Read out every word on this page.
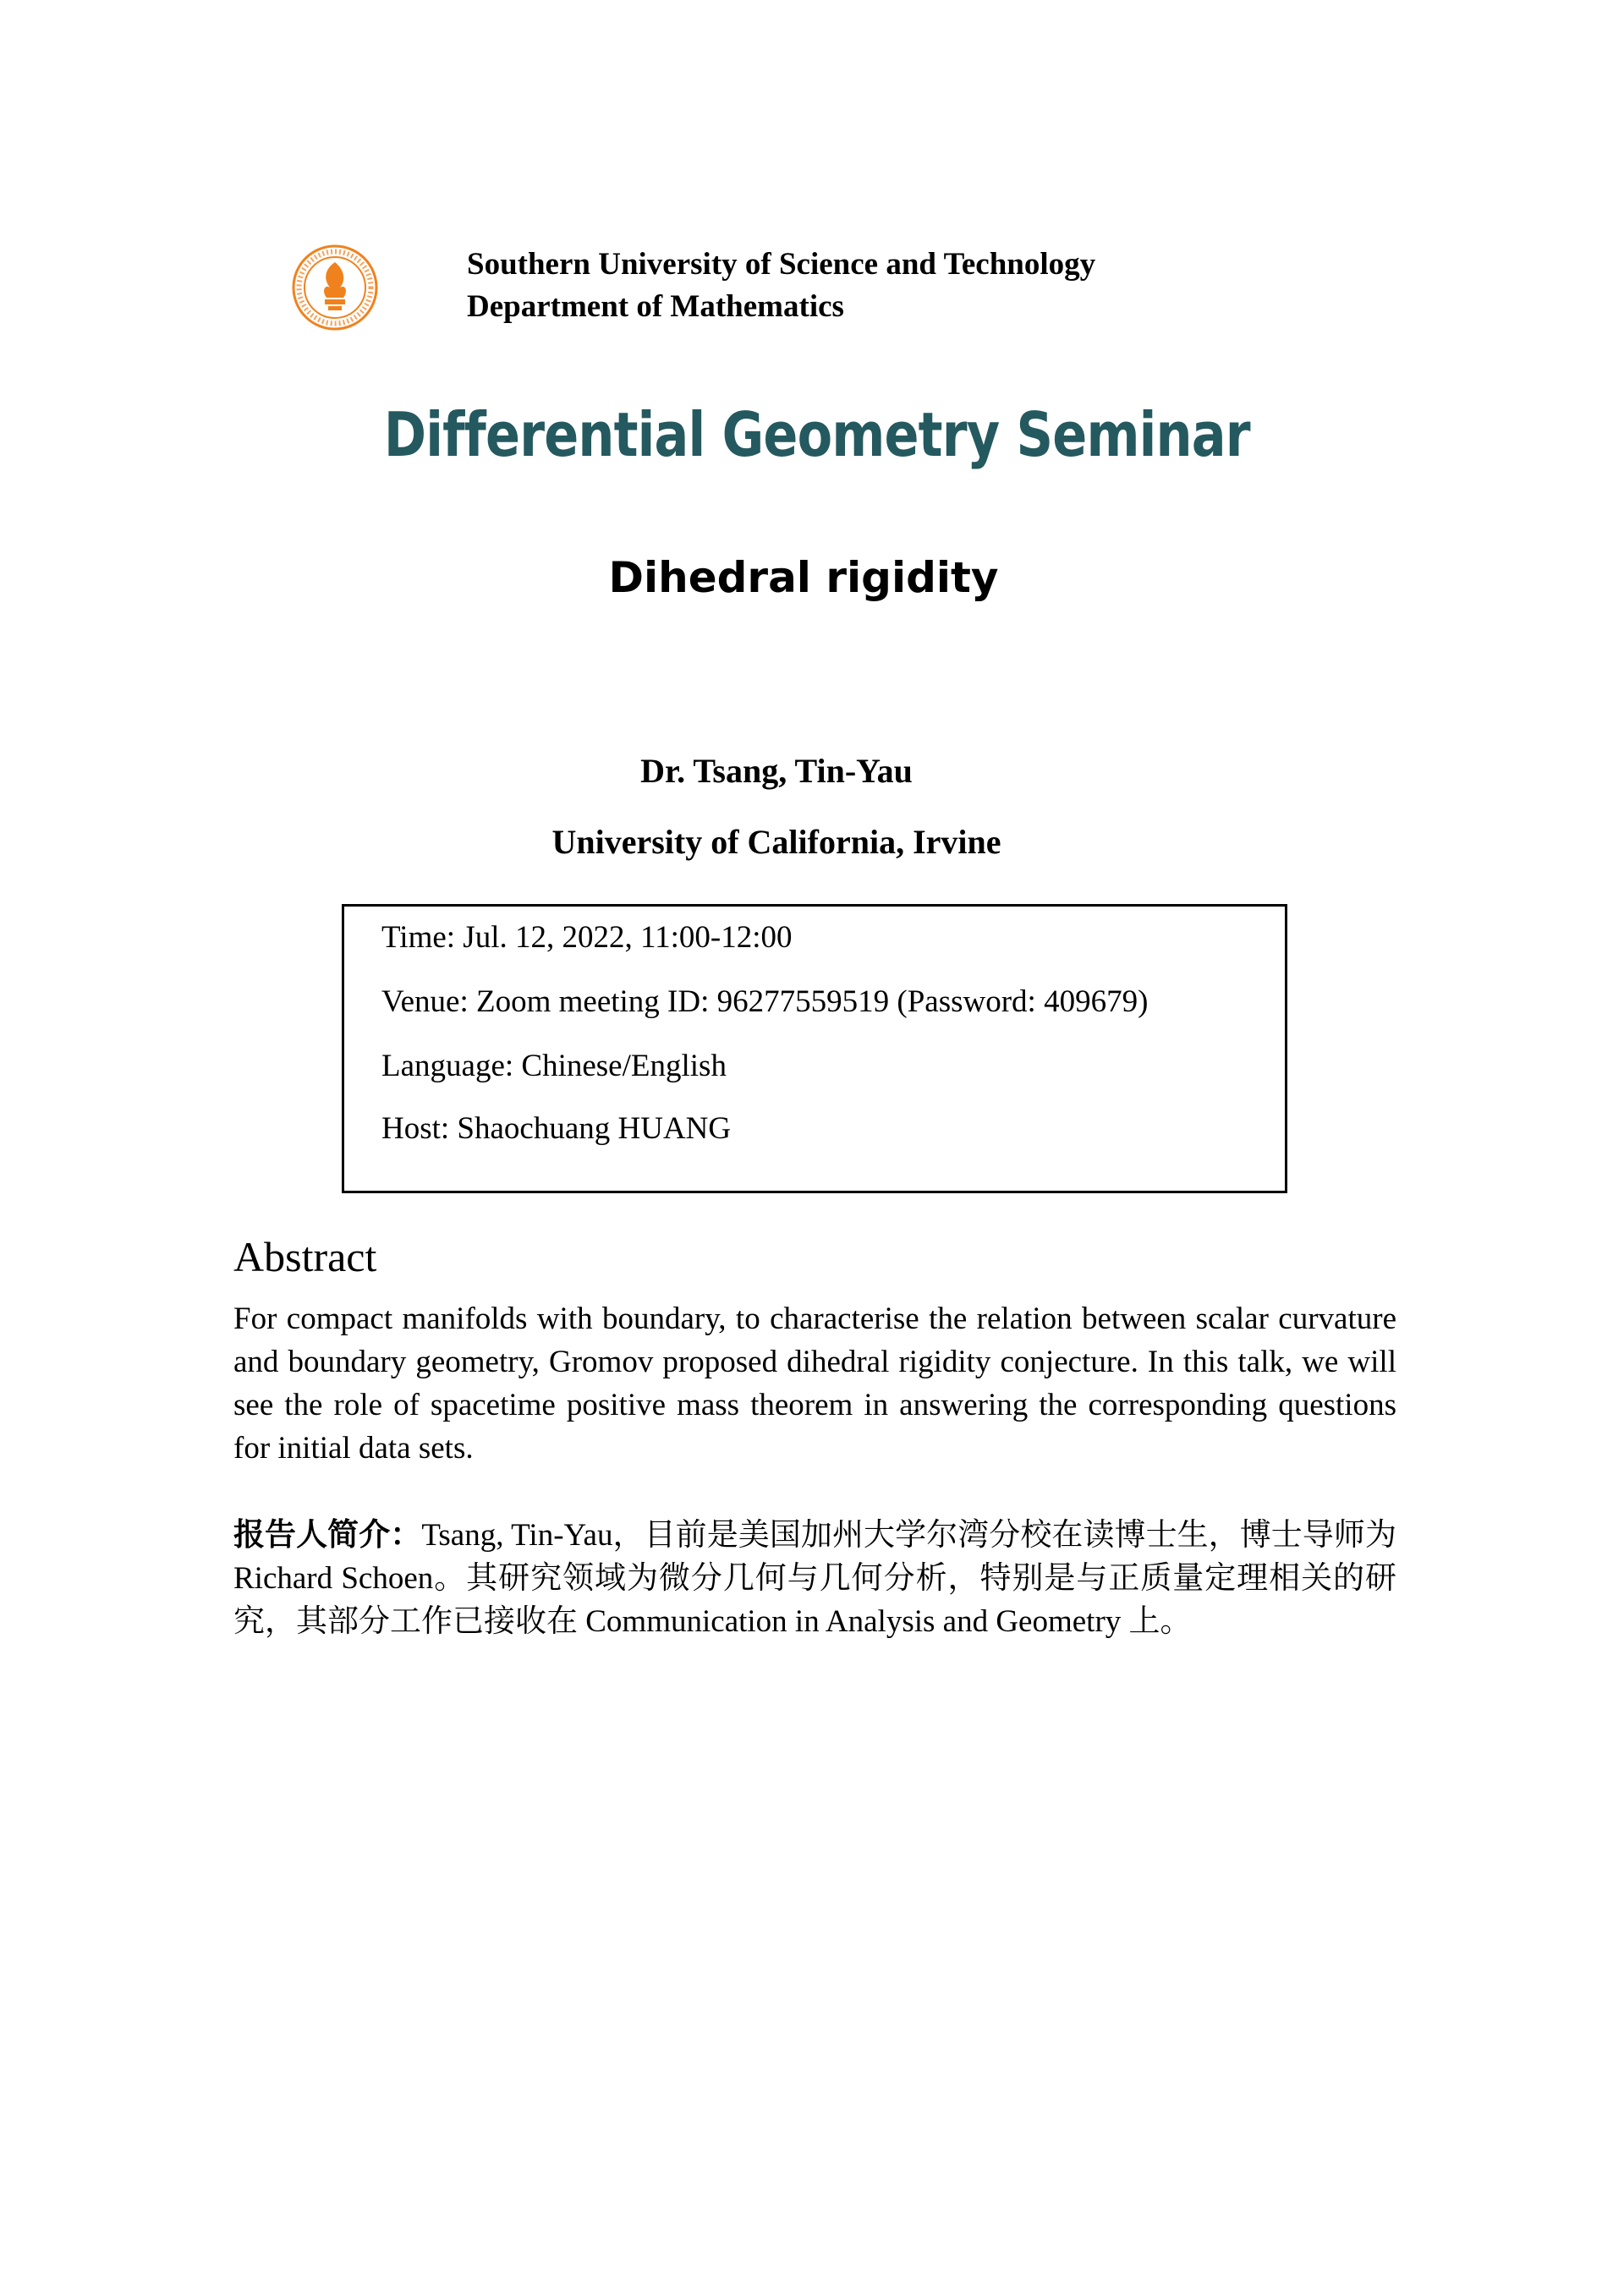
Southern University of Science and Technology
Department of Mathematics
Differential Geometry Seminar
Dihedral rigidity
Dr. Tsang, Tin-Yau
University of California, Irvine
Time: Jul. 12, 2022, 11:00-12:00
Venue: Zoom meeting ID: 96277559519 (Password: 409679)
Language: Chinese/English
Host: Shaochuang HUANG
Abstract
For compact manifolds with boundary, to characterise the relation between scalar curvature and boundary geometry, Gromov proposed dihedral rigidity conjecture. In this talk, we will see the role of spacetime positive mass theorem in answering the corresponding questions for initial data sets.
报告人简介：Tsang, Tin-Yau，目前是美国加州大学尔湾分校在读博士生，博士导师为 Richard Schoen。其研究领域为微分几何与几何分析，特别是与正质量定理相关的研究，其部分工作已接收在 Communication in Analysis and Geometry 上。
